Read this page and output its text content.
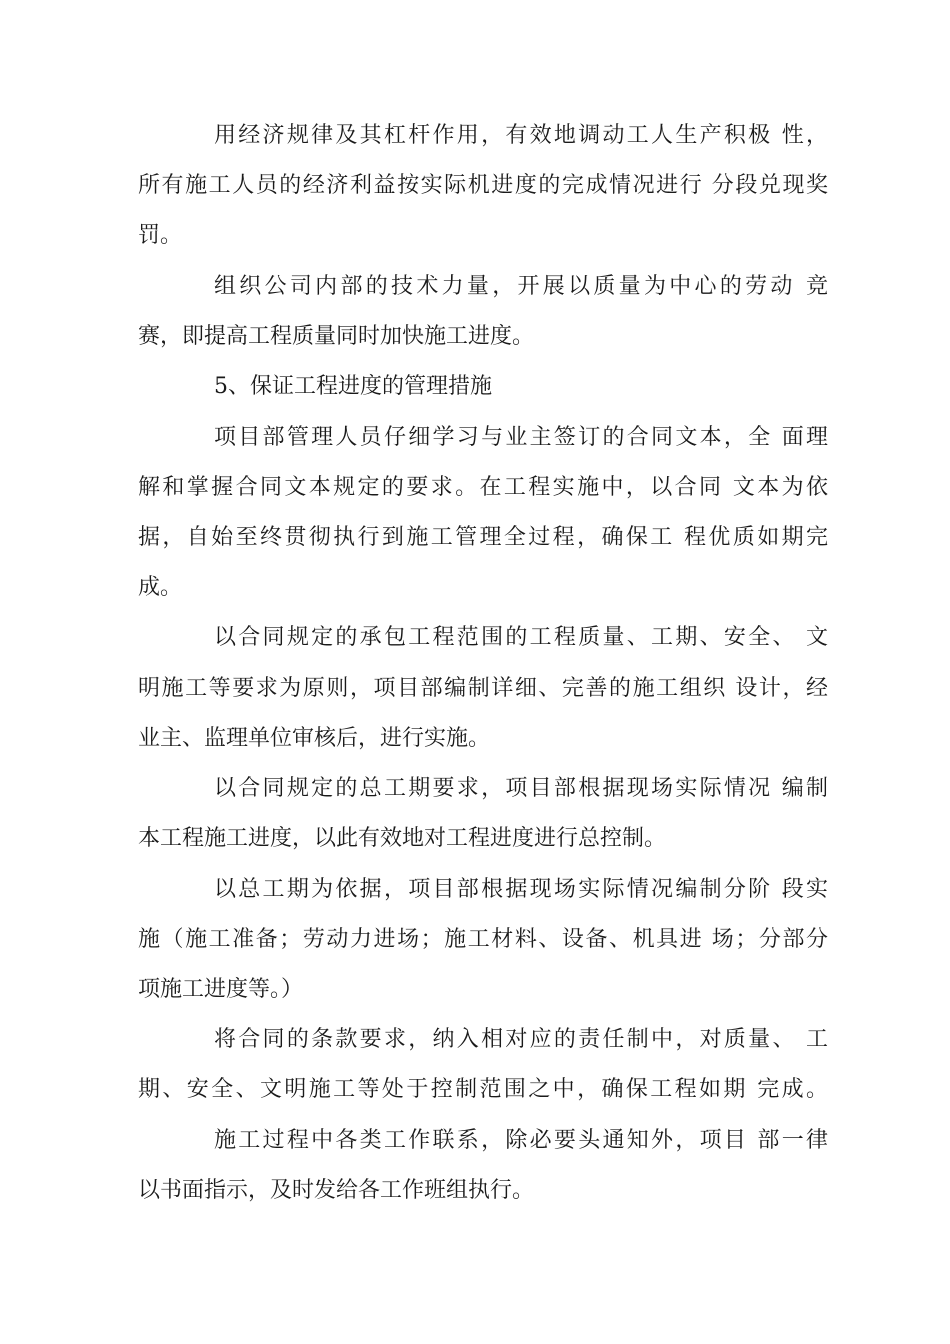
用经济规律及其杠杆作用，有效地调动工人生产积极 性，
所有施工人员的经济利益按实际机进度的完成情况进行 分段兑现奖
罚。
组织公司内部的技术力量，开展以质量为中心的劳动 竞
赛，即提高工程质量同时加快施工进度。
5、保证工程进度的管理措施
项目部管理人员仔细学习与业主签订的合同文本，全 面理
解和掌握合同文本规定的要求。在工程实施中，以合同 文本为依
据，自始至终贯彻执行到施工管理全过程，确保工 程优质如期完
成。
以合同规定的承包工程范围的工程质量、工期、安全、 文
明施工等要求为原则，项目部编制详细、完善的施工组织 设计，经
业主、监理单位审核后，进行实施。
以合同规定的总工期要求，项目部根据现场实际情况 编制
本工程施工进度，以此有效地对工程进度进行总控制。
以总工期为依据，项目部根据现场实际情况编制分阶 段实
施（施工准备；劳动力进场；施工材料、设备、机具进 场；分部分
项施工进度等。）
将合同的条款要求，纳入相对应的责任制中，对质量、 工
期、安全、文明施工等处于控制范围之中，确保工程如期 完成。
施工过程中各类工作联系，除必要头通知外，项目 部一律
以书面指示，及时发给各工作班组执行。
